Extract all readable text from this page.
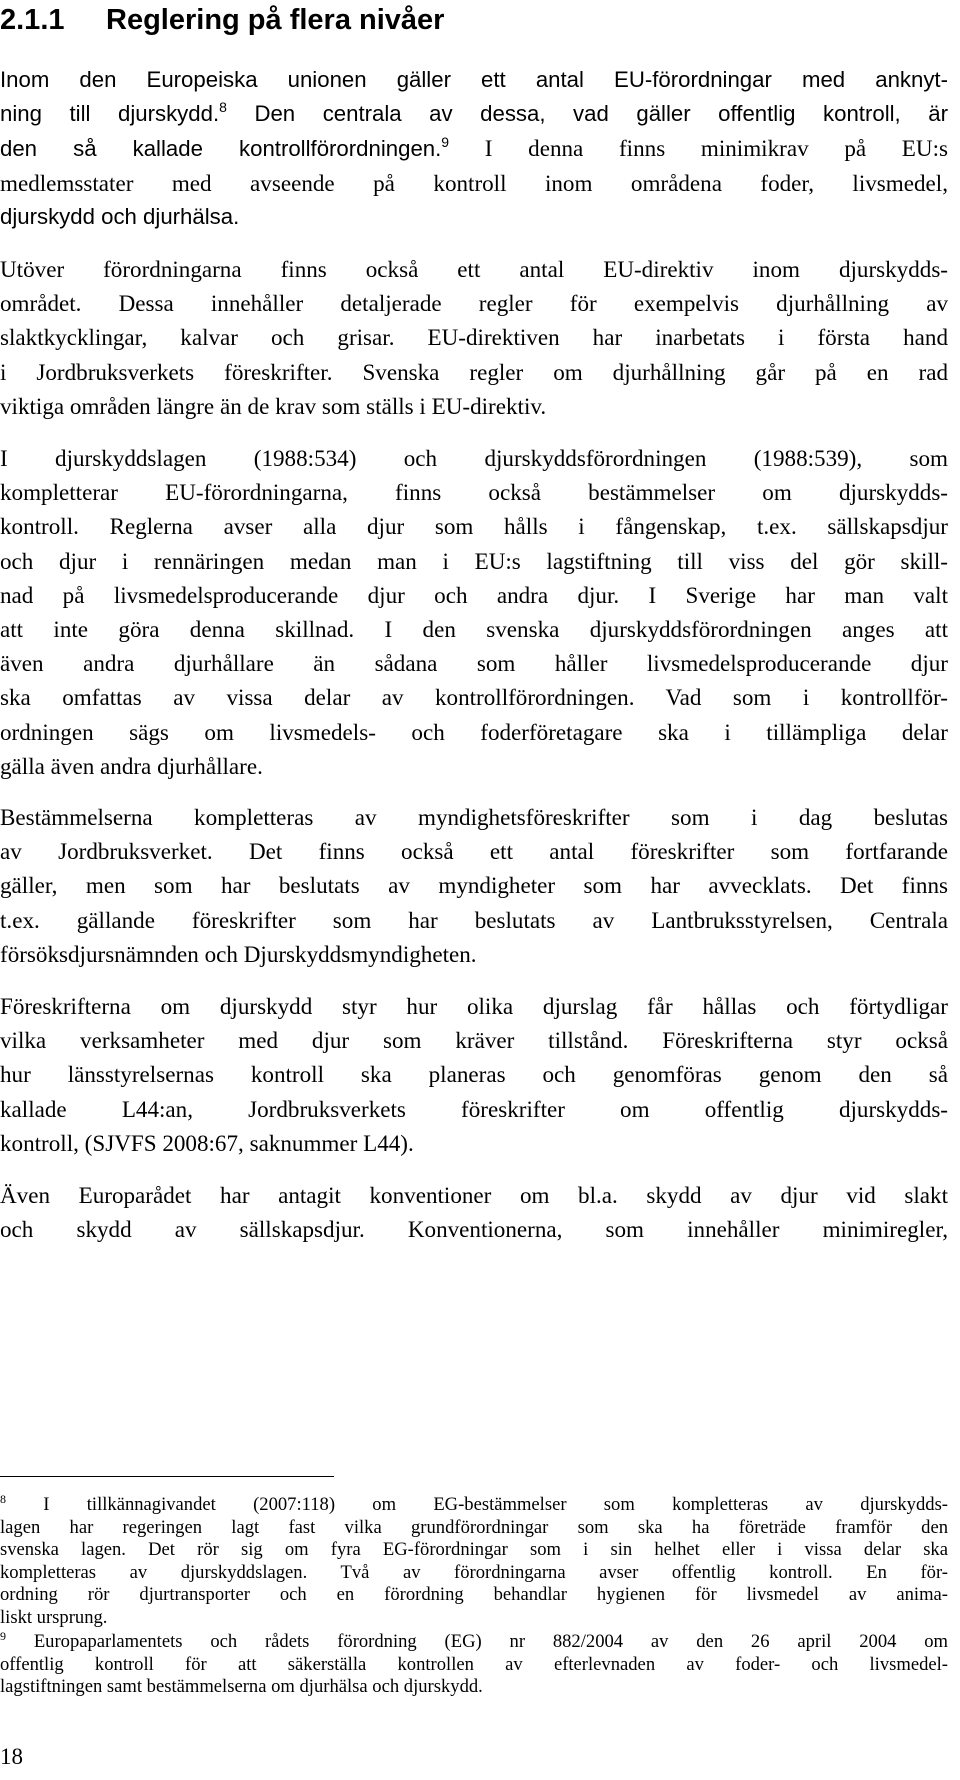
2.1.1 Reglering på flera nivåer
Inom den Europeiska unionen gäller ett antal EU-förordningar med anknyt-
ning till djurskydd.$^8$ Den centrala av dessa, vad gäller offentlig kontroll, är
den så kallade kontrollförordningen.$^9$ I denna finns minimikrav på EU:s
medlemsstater med avseende på kontroll inom områdena foder, livsmedel,
djurskydd och djurhälsa.
Utöver förordningarna finns också ett antal EU-direktiv inom djurskydds-
området. Dessa innehåller detaljerade regler för exempelvis djurhållning av
slaktkycklingar, kalvar och grisar. EU-direktiven har inarbetats i första hand
i Jordbruksverkets föreskrifter. Svenska regler om djurhållning går på en rad
viktiga områden längre än de krav som ställs i EU-direktiv.
I djurskyddslagen (1988:534) och djurskyddsförordningen (1988:539), som
kompletterar EU-förordningarna, finns också bestämmelser om djurskydds-
kontroll. Reglerna avser alla djur som hålls i fångenskap, t.ex. sällskapsdjur
och djur i rennäringen medan man i EU:s lagstiftning till viss del gör skill-
nad på livsmedelsproducerande djur och andra djur. I Sverige har man valt
att inte göra denna skillnad. I den svenska djurskyddsförordningen anges att
även andra djurhållare än sådana som håller livsmedelsproducerande djur
ska omfattas av vissa delar av kontrollförordningen. Vad som i kontrollför-
ordningen sägs om livsmedels- och foderföretagare ska i tillämpliga delar
gälla även andra djurhållare.
Bestämmelserna kompletteras av myndighetsföreskrifter som i dag beslutas
av Jordbruksverket. Det finns också ett antal föreskrifter som fortfarande
gäller, men som har beslutats av myndigheter som har avvecklats. Det finns
t.ex. gällande föreskrifter som har beslutats av Lantbruksstyrelsen, Centrala
försöksdjursnämnden och Djurskyddsmyndigheten.
Föreskrifterna om djurskydd styr hur olika djurslag får hållas och förtydligar
vilka verksamheter med djur som kräver tillstånd. Föreskrifterna styr också
hur länsstyrelsernas kontroll ska planeras och genomföras genom den så
kallade L44:an, Jordbruksverkets föreskrifter om offentlig djurskydds-
kontroll, (SJVFS 2008:67, saknummer L44).
Även Europarådet har antagit konventioner om bl.a. skydd av djur vid slakt
och skydd av sällskapsdjur. Konventionerna, som innehåller minimiregler,
$^8$ I tillkännagivandet (2007:118) om EG-bestämmelser som kompletteras av djurskydds-
lagen har regeringen lagt fast vilka grundförordningar som ska ha företräde framför den
svenska lagen. Det rör sig om fyra EG-förordningar som i sin helhet eller i vissa delar ska
kompletteras av djurskyddslagen. Två av förordningarna avser offentlig kontroll. En för-
ordning rör djurtransporter och en förordning behandlar hygienen för livsmedel av anima-
liskt ursprung.
$^9$ Europaparlamentets och rådets förordning (EG) nr 882/2004 av den 26 april 2004 om
offentlig kontroll för att säkerställa kontrollen av efterlevnaden av foder- och livsmedel-
lagstiftningen samt bestämmelserna om djurhälsa och djurskydd.
18
